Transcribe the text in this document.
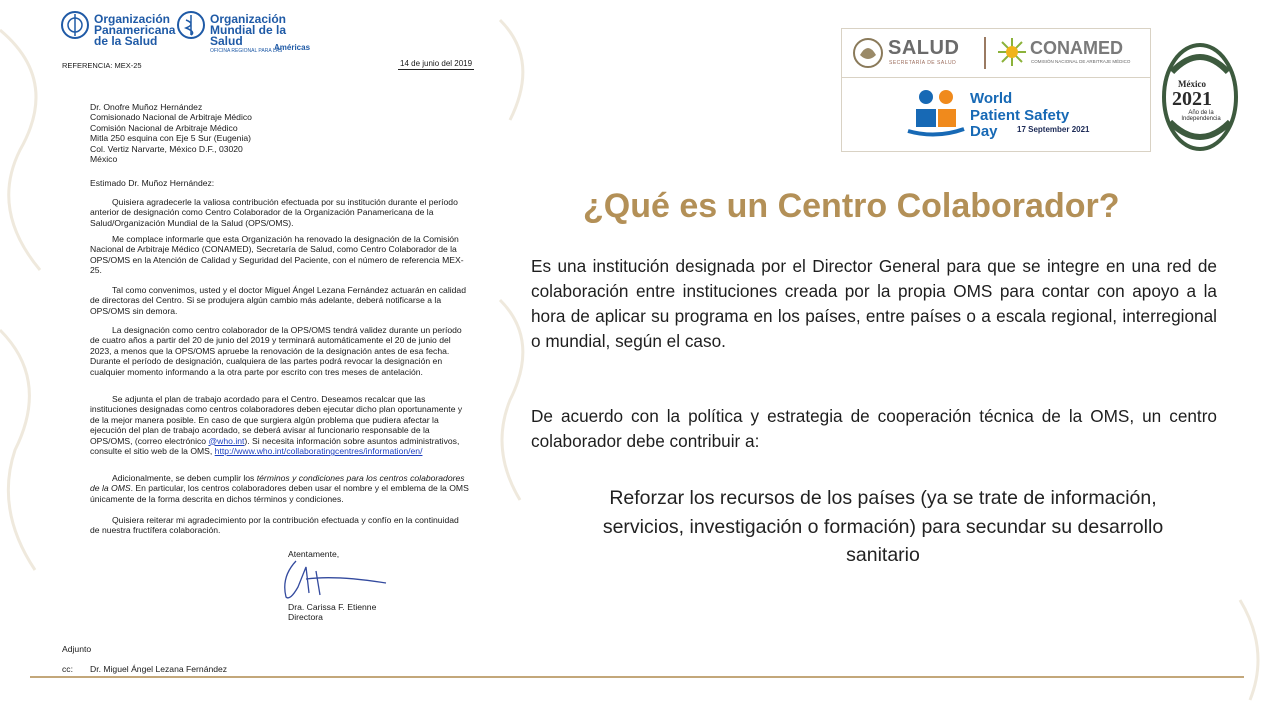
Organización Panamericana de la Salud
Organización Mundial de la Salud
OFICINA REGIONAL PARA LAS
Américas
REFERENCIA: MEX-25	14 de junio del 2019
Dr. Onofre Muñoz Hernández
Comisionado Nacional de Arbitraje Médico
Comisión Nacional de Arbitraje Médico
Mitla 250 esquina con Eje 5 Sur (Eugenia)
Col. Vertiz Narvarte, México D.F., 03020
México
Estimado Dr. Muñoz Hernández:
Quisiera agradecerle la valiosa contribución efectuada por su institución durante el período anterior de designación como Centro Colaborador de la Organización Panamericana de la Salud/Organización Mundial de la Salud (OPS/OMS).
Me complace informarle que esta Organización ha renovado la designación de la Comisión Nacional de Arbitraje Médico (CONAMED), Secretaría de Salud, como Centro Colaborador de la OPS/OMS en la Atención de Calidad y Seguridad del Paciente, con el número de referencia MEX-25.
Tal como convenimos, usted y el doctor Miguel Ángel Lezana Fernández actuarán en calidad de directoras del Centro. Si se produjera algún cambio más adelante, deberá notificarse a la OPS/OMS sin demora.
La designación como centro colaborador de la OPS/OMS tendrá validez durante un período de cuatro años a partir del 20 de junio del 2019 y terminará automáticamente el 20 de junio del 2023, a menos que la OPS/OMS apruebe la renovación de la designación antes de esa fecha. Durante el período de designación, cualquiera de las partes podrá revocar la designación en cualquier momento informando a la otra parte por escrito con tres meses de antelación.
Se adjunta el plan de trabajo acordado para el Centro. Deseamos recalcar que las instituciones designadas como centros colaboradores deben ejecutar dicho plan oportunamente y de la mejor manera posible. En caso de que surgiera algún problema que pudiera afectar la ejecución del plan de trabajo acordado, se deberá avisar al funcionario responsable de la OPS/OMS, (correo electrónico @who.int). Si necesita información sobre asuntos administrativos, consulte el sitio web de la OMS, http://www.who.int/collaboratingcentres/information/en/
Adicionalmente, se deben cumplir los términos y condiciones para los centros colaboradores de la OMS. En particular, los centros colaboradores deben usar el nombre y el emblema de la OMS únicamente de la forma descrita en dichos términos y condiciones.
Quisiera reiterar mi agradecimiento por la contribución efectuada y confío en la continuidad de nuestra fructífera colaboración.
Atentamente,
Dra. Carissa F. Etienne
Directora
Adjunto
cc: Dr. Miguel Ángel Lezana Fernández
SALUD
SECRETARÍA DE SALUD
CONAMED
COMISIÓN NACIONAL DE ARBITRAJE MÉDICO
World
Patient Safety
Day 17 September 2021
México
2021
Año de la Independencia
¿Qué es un Centro Colaborador?
Es una institución designada por el Director General para que se integre en una red de colaboración entre instituciones creada por la propia OMS para contar con apoyo a la hora de aplicar su programa en los países, entre países o a escala regional, interregional o mundial, según el caso.
De acuerdo con la política y estrategia de cooperación técnica de la OMS, un centro colaborador debe contribuir a:
Reforzar los recursos de los países (ya se trate de información, servicios, investigación o formación) para secundar su desarrollo sanitario
